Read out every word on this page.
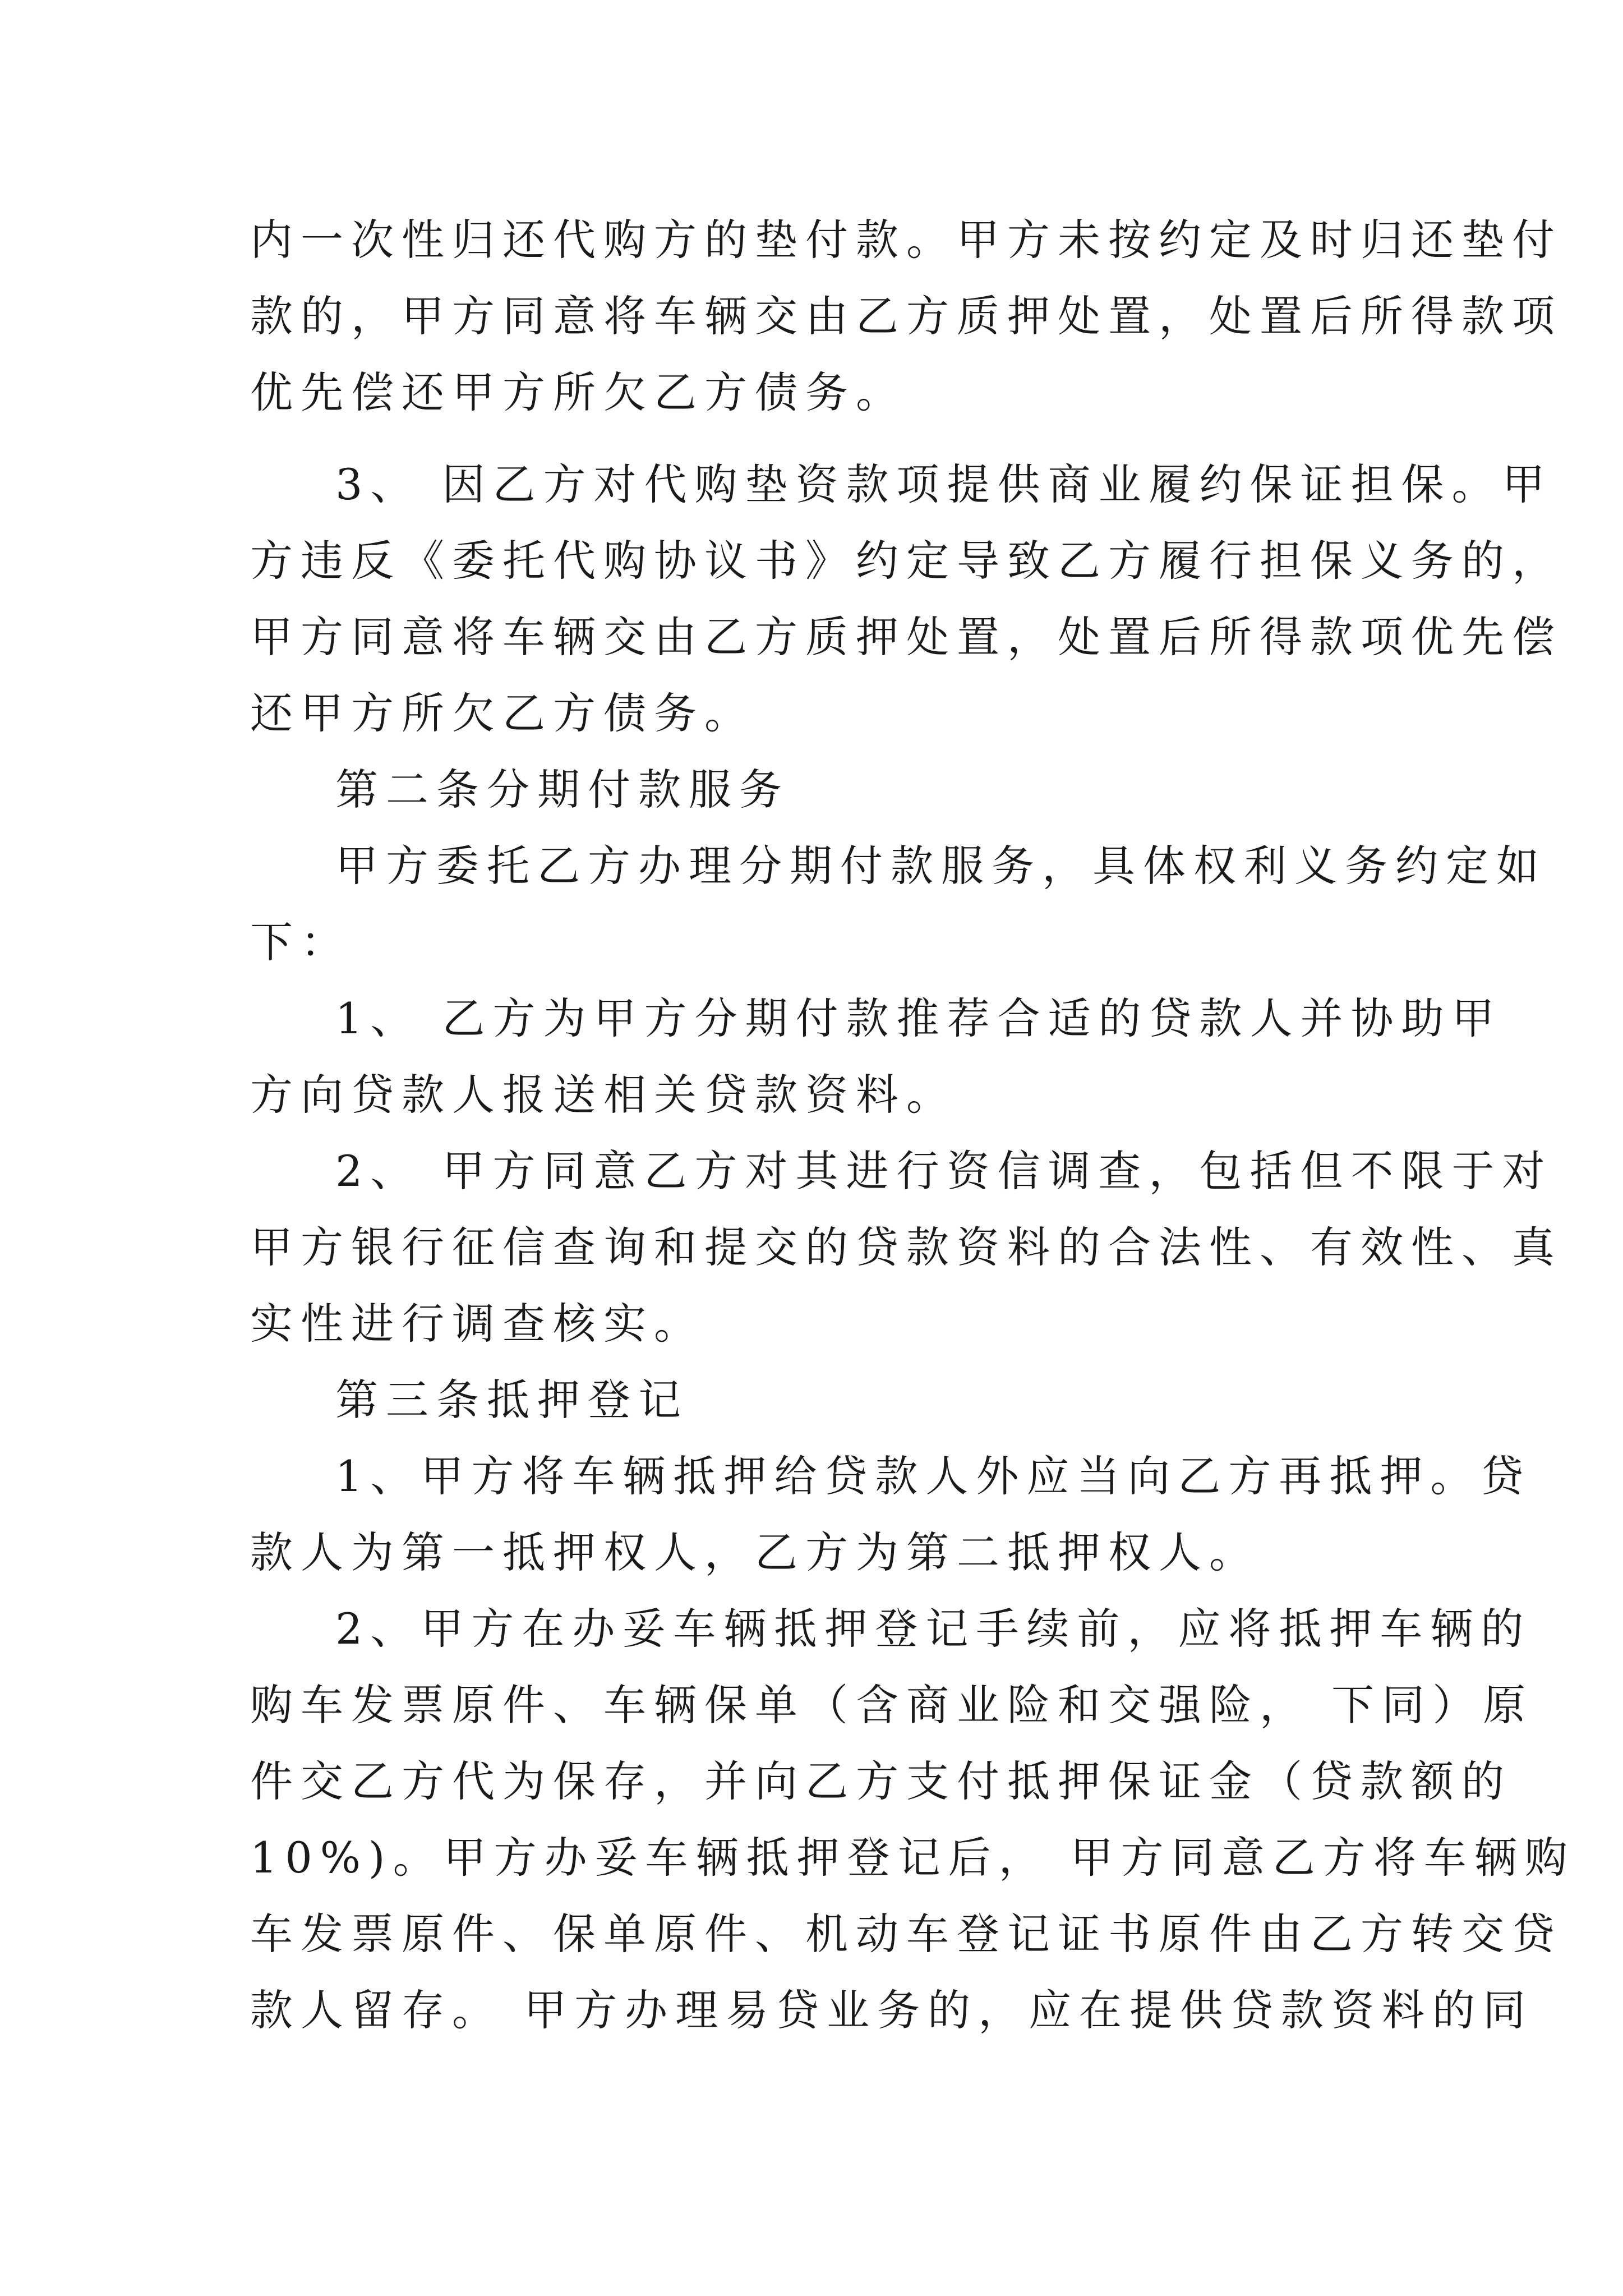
内一次性归还代购方的垫付款。甲方未按约定及时归还垫付
款的，甲方同意将车辆交由乙方质押处置，处置后所得款项
优先偿还甲方所欠乙方债务。
3、 因乙方对代购垫资款项提供商业履约保证担保。甲
方违反《委托代购协议书》约定导致乙方履行担保义务的，
甲方同意将车辆交由乙方质押处置，处置后所得款项优先偿
还甲方所欠乙方债务。
第二条分期付款服务
甲方委托乙方办理分期付款服务，具体权利义务约定如
下：
1、 乙方为甲方分期付款推荐合适的贷款人并协助甲
方向贷款人报送相关贷款资料。
2、 甲方同意乙方对其进行资信调查，包括但不限于对
甲方银行征信查询和提交的贷款资料的合法性、有效性、真
实性进行调查核实。
第三条抵押登记
1、甲方将车辆抵押给贷款人外应当向乙方再抵押。贷
款人为第一抵押权人，乙方为第二抵押权人。
2、甲方在办妥车辆抵押登记手续前，应将抵押车辆的
购车发票原件、车辆保单（含商业险和交强险， 下同）原
件交乙方代为保存，并向乙方支付抵押保证金（贷款额的
10%)。甲方办妥车辆抵押登记后， 甲方同意乙方将车辆购
车发票原件、保单原件、机动车登记证书原件由乙方转交贷
款人留存。 甲方办理易贷业务的，应在提供贷款资料的同
